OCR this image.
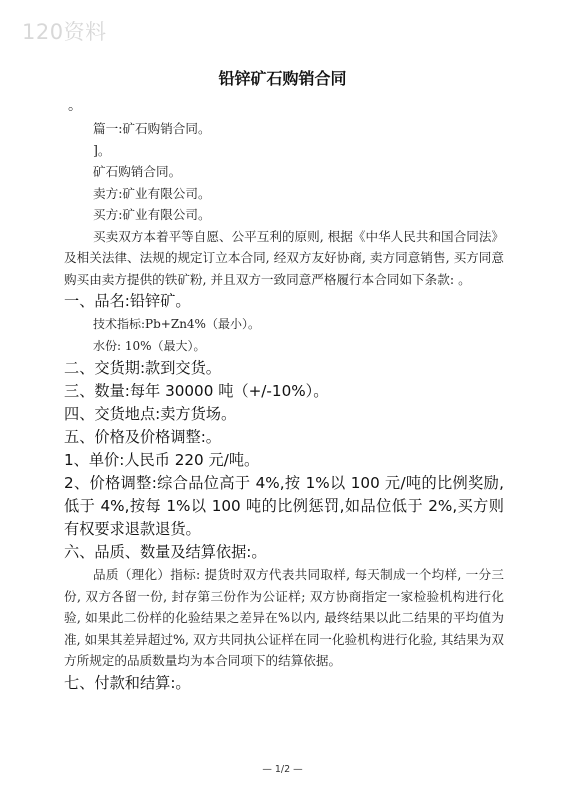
120资料
铅锌矿石购销合同
。
篇一:矿石购销合同。
]。
矿石购销合同。
卖方:矿业有限公司。
买方:矿业有限公司。
买卖双方本着平等自愿、公平互利的原则, 根据《中华人民共和国合同法》及相关法律、法规的规定订立本合同, 经双方友好协商, 卖方同意销售, 买方同意购买由卖方提供的铁矿粉, 并且双方一致同意严格履行本合同如下条款: 。
一、品名:铅锌矿。
技术指标:Pb+Zn4%（最小）。
水份: 10%（最大）。
二、交货期:款到交货。
三、数量:每年 30000 吨（+/-10%）。
四、交货地点:卖方货场。
五、价格及价格调整:。
1、单价:人民币 220 元/吨。
2、价格调整:综合品位高于 4%,按 1%以 100 元/吨的比例奖励,低于 4%,按每 1%以 100 吨的比例惩罚,如品位低于 2%,买方则有权要求退款退货。
六、品质、数量及结算依据:。
品质（理化）指标: 提货时双方代表共同取样, 每天制成一个均样, 一分三份, 双方各留一份, 封存第三份作为公证样; 双方协商指定一家检验机构进行化验, 如果此二份样的化验结果之差异在%以内, 最终结果以此二结果的平均值为准, 如果其差异超过%, 双方共同执公证样在同一化验机构进行化验, 其结果为双方所规定的品质数量均为本合同项下的结算依据。
七、付款和结算:。
— 1/2 —
